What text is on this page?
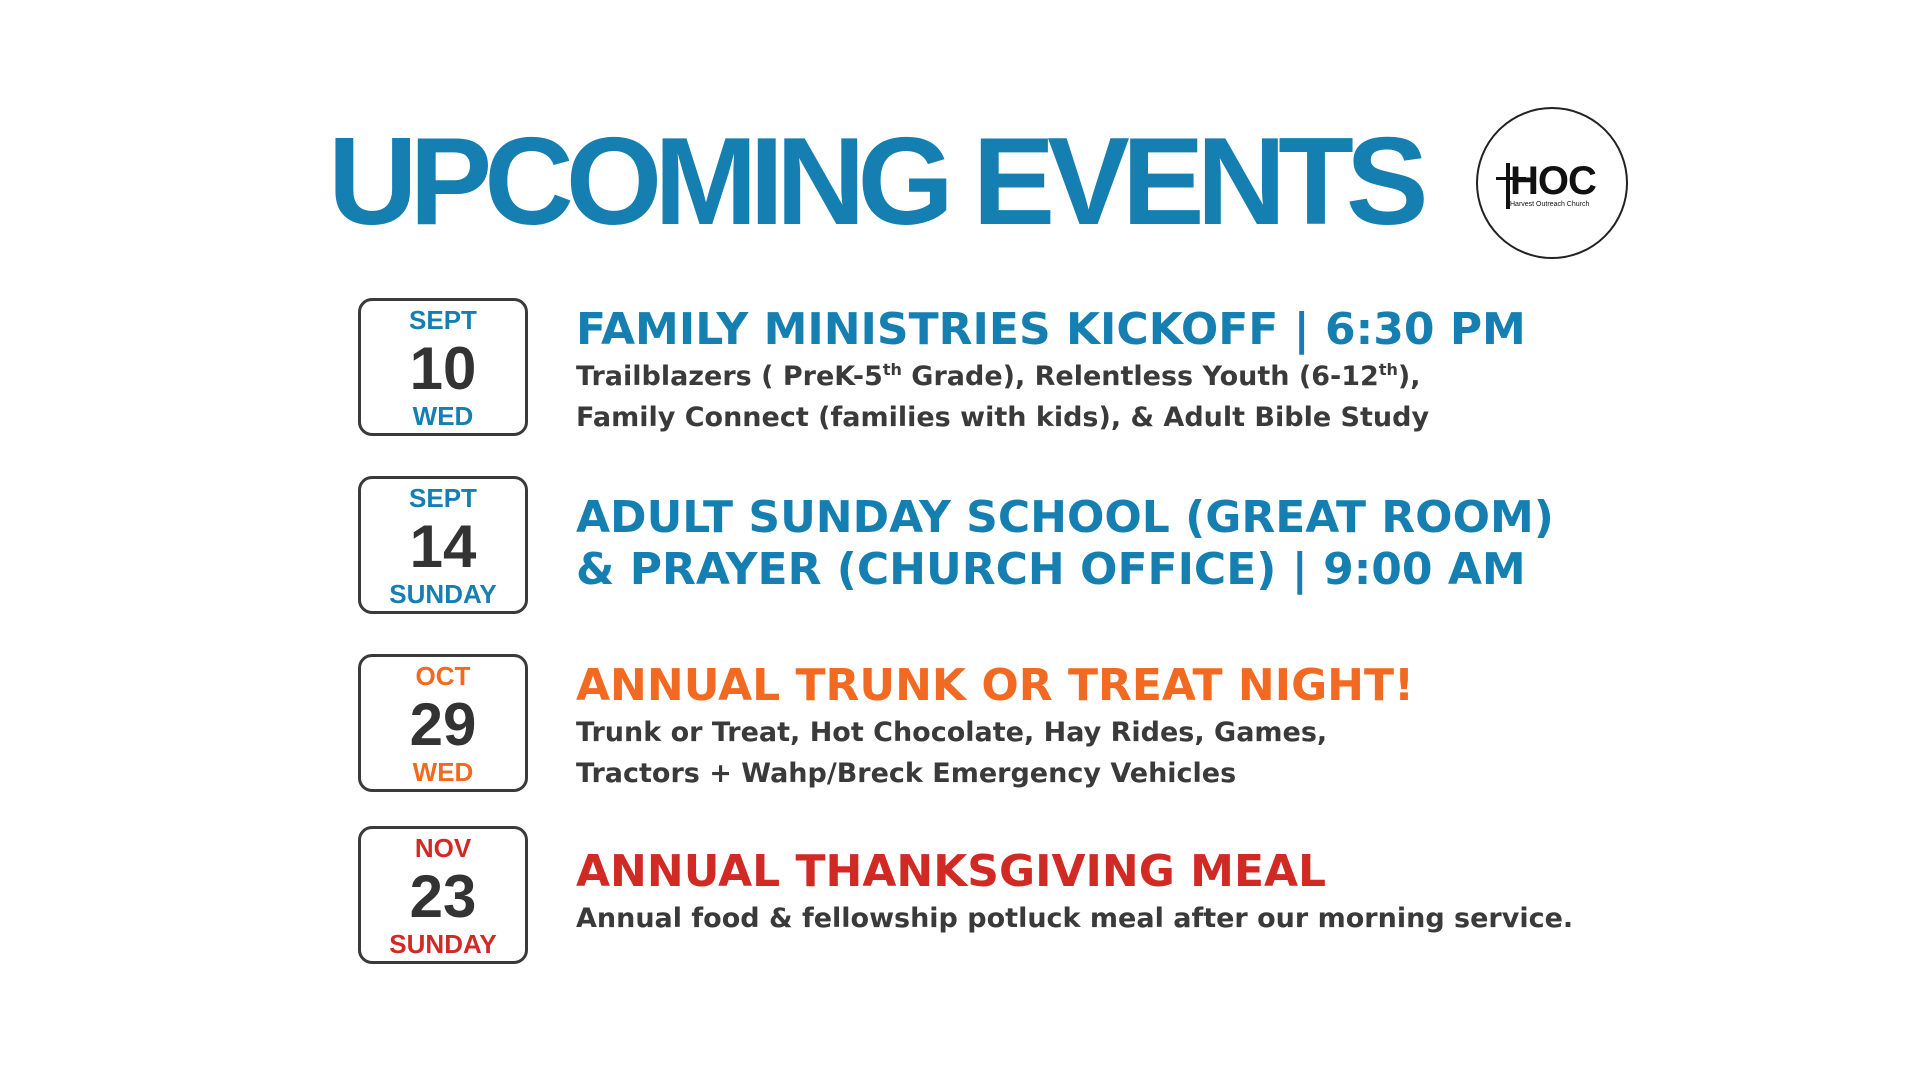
UPCOMING EVENTS HOC
Harvest Outreach Church
SEPT
10
WED
FAMILY MINISTRIES KICKOFF | 6:30 PM
Trailblazers ( PreK-5th Grade), Relentless Youth (6-12th),
Family Connect (families with kids), & Adult Bible Study
SEPT
14
SUNDAY
ADULT SUNDAY SCHOOL (GREAT ROOM)
& PRAYER (CHURCH OFFICE) | 9:00 AM
OCT
29
WED
ANNUAL TRUNK OR TREAT NIGHT!
Trunk or Treat, Hot Chocolate, Hay Rides, Games,
Tractors + Wahp/Breck Emergency Vehicles
NOV
23
SUNDAY
ANNUAL THANKSGIVING MEAL
Annual food & fellowship potluck meal after our morning service.
